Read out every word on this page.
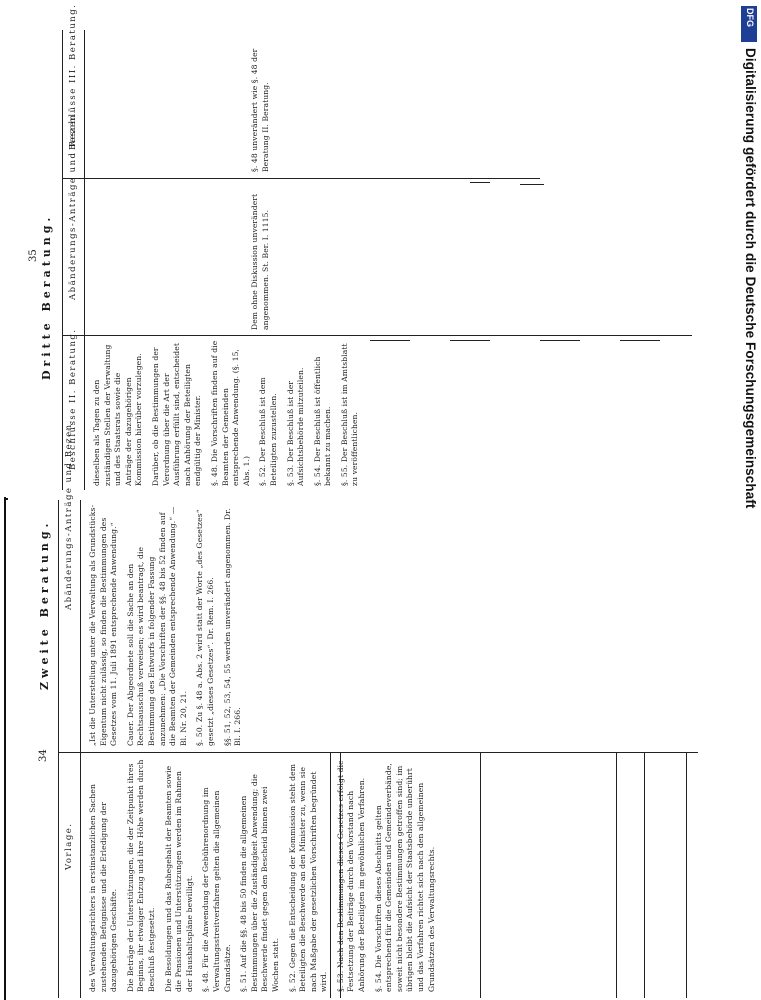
Zweite Beratung.
34
Vorlage.
Abänderungs-Anträge und Rezen.

des Verwaltungsrichters in erstinstanzlichen Sachen zustehenden Befugnisse und die Erledigung der dazugehörigen Geschäfte. Die Beträge der Unterstützungen, die der Zeitpunkt ihres Beginns, ihr etwaiger Entzug und ihre Höhe werden durch Beschluß festgesetzt. Die Besoldungen und das Ruhegehalt der Beamten sowie die Pensionen und Unterstützungen werden im Rahmen der Haushaltspläne bewilligt. §. 48. Für die Anwendung der Gebührenordnung im Verwaltungsstreitverfahren gelten die allgemeinen Grundsätze. §. 51. Auf die §§. 48 bis 50 finden die allgemeinen Bestimmungen über die Zuständigkeit Anwendung; die Beschwerde findet gegen den Bescheid binnen zwei Wochen statt. §. 52. Gegen die Entscheidung der Kommission steht dem Beteiligten die Beschwerde an den Minister zu, wenn sie nach Maßgabe der gesetzlichen Vorschriften begründet wird. §. 53. Nach den Bestimmungen dieses Gesetzes erfolgt die Festsetzung der Beiträge durch den Vorstand nach Anhörung der Beteiligten im gewöhnlichen Verfahren. §. 54. Die Vorschriften dieses Abschnitts gelten entsprechend für die Gemeinden und Gemeindeverbände, soweit nicht besondere Bestimmungen getroffen sind; im übrigen bleibt die Aufsicht der Staatsbehörde unberührt und das Verfahren richtet sich nach den allgemeinen Grundsätzen des Verwaltungsrechts.

„Ist die Unterstellung unter die Verwaltung als Grundstücks-Eigentum nicht zulässig, so finden die Bestimmungen des Gesetzes vom 11. Juli 1891 entsprechende Anwendung.“ Cauer. Der Abgeordnete soll die Sache an den Rechtsausschuß verweisen; es wird beantragt, die Bestimmung des Entwurfs in folgender Fassung anzunehmen: „Die Vorschriften der §§. 48 bis 52 finden auf die Beamten der Gemeinden entsprechende Anwendung.“ — Bl. Nr. 20, 21. §. 50. Zu §. 48 a. Abs. 2 wird statt der Worte „des Gesetzes“ gesetzt „dieses Gesetzes“. Dr. Rem. I. 266. §§. 51, 52, 53, 54, 55 werden unverändert angenommen. Dr. Bl. I. 266.

35 Dritte Beratung.
Beschlüsse II. Beratung.
Abänderungs-Anträge und Rezen.
Beschlüsse III. Beratung.

dieselben als Tagen zu den zuständigen Stellen der Verwaltung und des Staatsrats sowie die Anträge der dazugehörigen Kommission hierüber vorzulegen. Darüber, ob die Bestimmungen der Verordnung über die Art der Ausführung erfüllt sind, entscheidet nach Anhörung der Beteiligten endgültig der Minister. §. 48. Die Vorschriften finden auf die Beamten der Gemeinden entsprechende Anwendung. (§. 15, Abs. 1.) §. 52. Der Beschluß ist dem Beteiligten zuzustellen. §. 53. Der Beschluß ist der Aufsichtsbehörde mitzuteilen. §. 54. Der Beschluß ist öffentlich bekannt zu machen. §. 55. Der Beschluß ist im Amtsblatt zu veröffentlichen.

Dem ohne Diskussion unverändert angenommen. St. Ber. I. 1115.

§. 48 unverändert wie §. 48 der Beratung II. Beratung.

DFG
Digitalisierung gefördert durch die Deutsche Forschungsgemeinschaft
